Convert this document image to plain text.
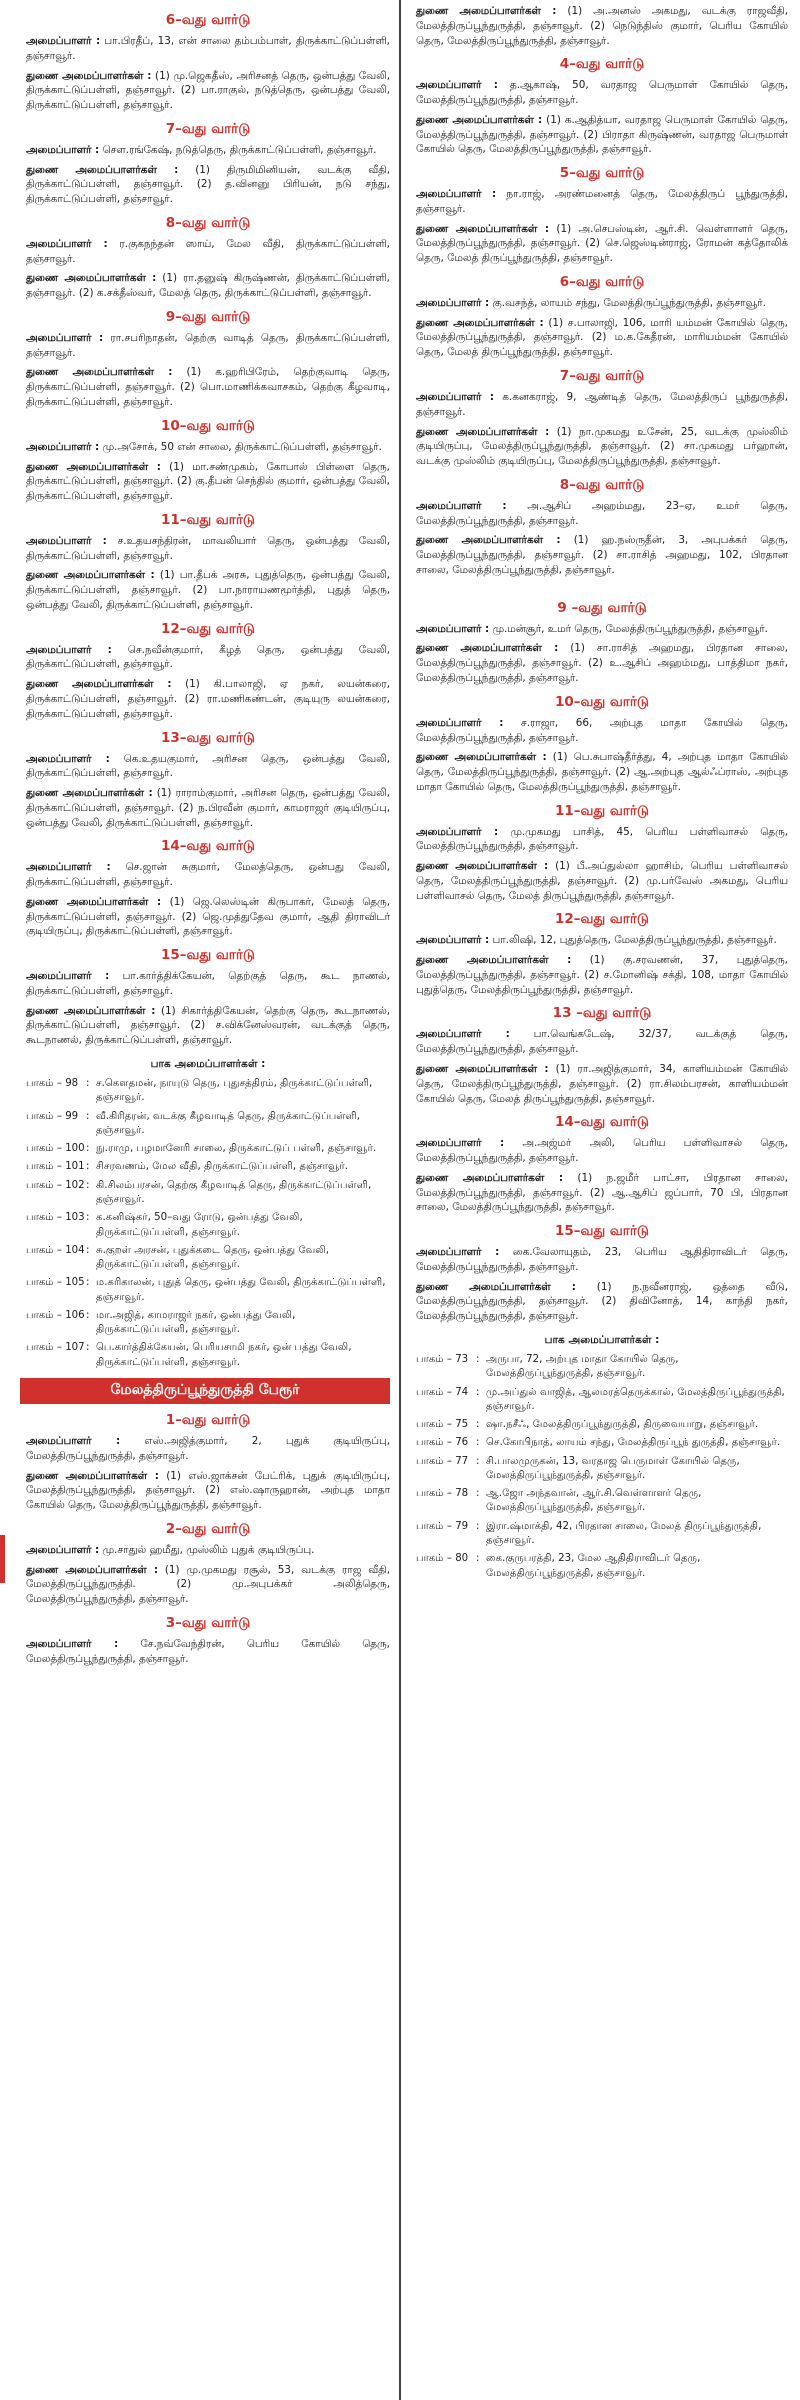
6–வது வார்டு

அமைப்பாளர் : பா.பிரதீப், 13, என் சாலை தம்பம்பாள், திருக்காட்டுப்பள்ளி, தஞ்சாவூர்.

துணை அமைப்பாளர்கள் : (1) மு.ஜெகதீஸ், அரிசனத் தெரு, ஒன்பத்து வேலி, திருக்காட்டுப்பள்ளி, தஞ்சாவூர். (2) பா.ராகுல், நடுத்தெரு, ஒன்பத்து வேலி, திருக்காட்டுப்பள்ளி, தஞ்சாவூர்.

7–வது வார்டு

அமைப்பாளர் : சௌ.ரங்கேஷ், நடுத்தெரு, திருக்காட்டுப்பள்ளி, தஞ்சாவூர்.

துணை அமைப்பாளர்கள் : (1) திருமிமினியன், வடக்கு வீதி, திருக்காட்டுப்பள்ளி, தஞ்சாவூர். (2) த.வினனு பிரியன், நடு சந்து, திருக்காட்டுப்பள்ளி, தஞ்சாவூர்.

8–வது வார்டு

அமைப்பாளர் : ர.குகநந்தன் ஸாய், மேல வீதி, திருக்காட்டுப்பள்ளி, தஞ்சாவூர்.

துணை அமைப்பாளர்கள் : (1) ரா.தனுஷ் கிருஷ்ணன், திருக்காட்டுப்பள்ளி, தஞ்சாவூர். (2) க.சக்தீஸ்வர், மேலத் தெரு, திருக்காட்டுப்பள்ளி, தஞ்சாவூர்.

9–வது வார்டு

அமைப்பாளர் : ரா.சபரிநாதன், தெற்கு வாடித் தெரு, திருக்காட்டுப்பள்ளி, தஞ்சாவூர்.

துணை அமைப்பாளர்கள் : (1) க.ஹரிபிரேம், தெற்குவாடி தெரு, திருக்காட்டுப்பள்ளி, தஞ்சாவூர். (2) பொ.மாணிக்கவாசகம், தெற்கு கீழவாடி, திருக்காட்டுப்பள்ளி, தஞ்சாவூர்.

10–வது வார்டு

அமைப்பாளர் : மு.அசோக், 50 என் சாலை, திருக்காட்டுப்பள்ளி, தஞ்சாவூர்.

துணை அமைப்பாளர்கள் : (1) மா.சண்முகம், கோபால் பிள்ளை தெரு, திருக்காட்டுப்பள்ளி, தஞ்சாவூர். (2) கு.தீபன் செந்தில் குமார், ஒன்பத்து வேலி, திருக்காட்டுப்பள்ளி, தஞ்சாவூர்.

11–வது வார்டு

அமைப்பாளர் : ச.உதயசந்திரன், மாவலியார் தெரு, ஒன்பத்து வேலி, திருக்காட்டுப்பள்ளி, தஞ்சாவூர்.

துணை அமைப்பாளர்கள் : (1) பா.தீபக் அரசு, புதுத்தெரு, ஒன்பத்து வேலி, திருக்காட்டுப்பள்ளி, தஞ்சாவூர். (2) பா.நாராயணமூர்த்தி, புதுத் தெரு, ஒன்பத்து வேலி, திருக்காட்டுப்பள்ளி, தஞ்சாவூர்.

12–வது வார்டு

அமைப்பாளர் : செ.நவீன்குமார், கீழத் தெரு, ஒன்பத்து வேலி, திருக்காட்டுப்பள்ளி, தஞ்சாவூர்.

துணை அமைப்பாளர்கள் : (1) கி.பாலாஜி, ஏ நகர், லயன்கரை, திருக்காட்டுப்பள்ளி, தஞ்சாவூர். (2) ரா.மணிகண்டன், குடியுரு லயன்கரை, திருக்காட்டுப்பள்ளி, தஞ்சாவூர்.

13–வது வார்டு

அமைப்பாளர் : கெ.உதயகுமார், அரிசன தெரு, ஒன்பத்து வேலி, திருக்காட்டுப்பள்ளி, தஞ்சாவூர்.

துணை அமைப்பாளர்கள் : (1) ராராம்குமார், அரிசன தெரு, ஒன்பத்து வேலி, திருக்காட்டுப்பள்ளி, தஞ்சாவூர். (2) ந.பிரவீன் குமார், காமராஜர் குடியிருப்பு, ஒன்பத்து வேலி, திருக்காட்டுப்பள்ளி, தஞ்சாவூர்.

14–வது வார்டு

அமைப்பாளர் : செ.ஜான் சுகுமார், மேலத்தெரு, ஒன்பது வேலி, திருக்காட்டுப்பள்ளி, தஞ்சாவூர்.

துணை அமைப்பாளர்கள் : (1) ஜெ.லெஸ்டின் கிருபாகர், மேலத் தெரு, திருக்காட்டுப்பள்ளி, தஞ்சாவூர். (2) ஜெ.முத்துதேவ குமார், ஆதி திராவிடர் குடியிருப்பு, திருக்காட்டுப்பள்ளி, தஞ்சாவூர்.

15–வது வார்டு

அமைப்பாளர் : பா.கார்த்திக்கேயன், தெற்குத் தெரு, கூட நாணல், திருக்காட்டுப்பள்ளி, தஞ்சாவூர்.

துணை அமைப்பாளர்கள் : (1) சிகார்த்திகேயன், தெற்கு தெரு, கூடநாணல், திருக்காட்டுப்பள்ளி, தஞ்சாவூர். (2) ச.விக்னேஸ்வரன், வடக்குத் தெரு, கூடநாணல், திருக்காட்டுப்பள்ளி, தஞ்சாவூர்.

பாக அமைப்பாளர்கள் :
பாகம் – 98 : ச.கௌதமன், நாயுடு தெரு, புதுசத்திரம், திருக்காட்டுப்பள்ளி, தஞ்சாவூர்.
பாகம் – 99 : வீ.கிரிதரன், வடக்கு கீழவாடித் தெரு, திருக்காட்டுப்பள்ளி, தஞ்சாவூர்.
பாகம் – 100 : நு.ராமு, பழமானேரி சாலை, திருக்காட்டுப் பள்ளி, தஞ்சாவூர்.
பாகம் – 101 : சிசரவணம், மேல வீதி, திருக்காட்டுப்பள்ளி, தஞ்சாவூர்.
பாகம் – 102 : கி.சிலம்பரசன், தெற்கு கீழவாடித் தெரு, திருக்காட்டுப்பள்ளி, தஞ்சாவூர்.
பாகம் – 103 : க.கனிஷ்கர், 50–வது ரோடு, ஒன்பத்து வேலி, திருக்காட்டுப்பள்ளி, தஞ்சாவூர்.
பாகம் – 104 : சு.குறள் அரசன், புதுக்கடை தெரு, ஒன்பத்து வேலி, திருக்காட்டுப்பள்ளி, தஞ்சாவூர்.
பாகம் – 105 : ம.கரிகாலன், புதுத் தெரு, ஒன்பத்து வேலி, திருக்காட்டுப்பள்ளி, தஞ்சாவூர்.
பாகம் – 106 : மா.அஜித், காமராஜர் நகர், ஒன்பத்து வேலி, திருக்காட்டுப்பள்ளி, தஞ்சாவூர்.
பாகம் – 107 : பெ.கார்த்திக்கேயன், பெரியசாமி நகர், ஒன் பத்து வேலி, திருக்காட்டுப்பள்ளி, தஞ்சாவூர்.
மேலத்திருப்பூந்துருத்தி பேரூர்
1–வது வார்டு

அமைப்பாளர் : எஸ்.அஜித்குமார், 2, புதுக் குடியிருப்பு, மேலத்திருப்பூந்துருத்தி, தஞ்சாவூர்.

துணை அமைப்பாளர்கள் : (1) எஸ்.ஜாக்சன் பேட்ரிக், புதுக் குடியிருப்பு, மேலத்திருப்பூந்துருத்தி, தஞ்சாவூர். (2) எஸ்.ஷாருஹான், அற்புத மாதா கோயில் தெரு, மேலத்திருப்பூந்துருத்தி, தஞ்சாவூர்.

2–வது வார்டு

அமைப்பாளர் : மு.சாதுல் ஹமீது, முஸ்லிம் புதுக் குடியிருப்பு.

துணை அமைப்பாளர்கள் : (1) மு.முகமது ரசூல், 53, வடக்கு ராஜ வீதி, மேலத்திருப்பூந்துருத்தி. (2) மு.அபுபக்கர் அலித்தெரு, மேலத்திருப்பூந்துருத்தி, தஞ்சாவூர்.

3–வது வார்டு

அமைப்பாளர் : சே.நவ்வேந்திரன், பெரிய கோயில் தெரு, மேலத்திருப்பூந்துருத்தி, தஞ்சாவூர்.

துணை அமைப்பாளர்கள் : (1) அ.அனஸ் அகமது, வடக்கு ராஜவீதி, மேலத்திருப்பூந்துருத்தி, தஞ்சாவூர். (2) நெடுந்திஸ் குமார், பெரிய கோயில் தெரு, மேலத்திருப்பூந்துருத்தி, தஞ்சாவூர்.

4–வது வார்டு

அமைப்பாளர் : த.ஆகாஷ், 50, வரதாஜ பெருமாள் கோயில் தெரு, மேலத்திருப்பூந்துருத்தி, தஞ்சாவூர்.

துணை அமைப்பாளர்கள் : (1) க.ஆதித்யா, வரதாஜ பெருமாள் கோயில் தெரு, மேலத்திருப்பூந்துருத்தி, தஞ்சாவூர். (2) பிராதா கிருஷ்ணன், வரதாஜ பெருமாள் கோயில் தெரு, மேலத்திருப்பூந்துருத்தி, தஞ்சாவூர்.

5–வது வார்டு

அமைப்பாளர் : நா.ராஜ், அரண்மனைத் தெரு, மேலத்திருப் பூந்துருத்தி, தஞ்சாவூர்.

துணை அமைப்பாளர்கள் : (1) அ.செபஸ்டின், ஆர்.சி. வெள்ளாளர் தெரு, மேலத்திருப்பூந்துருத்தி, தஞ்சாவூர். (2) செ.ஜெஸ்டின்ராஜ், ரோமன் கத்தோலிக் தெரு, மேலத் திருப்பூந்துருத்தி, தஞ்சாவூர்.

6–வது வார்டு

அமைப்பாளர் : கு.வசந்த், லாயம் சந்து, மேலத்திருப்பூந்துருத்தி, தஞ்சாவூர்.

துணை அமைப்பாளர்கள் : (1) ச.பாலாஜி, 106, மாரி யம்மன் கோயில் தெரு, மேலத்திருப்பூந்துருத்தி, தஞ்சாவூர். (2) ம.க.கேதீரன், மாரியம்மன் கோயில் தெரு, மேலத் திருப்பூந்துருத்தி, தஞ்சாவூர்.

7–வது வார்டு

அமைப்பாளர் : க.கனகராஜ், 9, ஆண்டித் தெரு, மேலத்திருப் பூந்துருத்தி, தஞ்சாவூர்.

துணை அமைப்பாளர்கள் : (1) நா.முகமது உசேன், 25, வடக்கு முஸ்லிம் குடியிருப்பு, மேலத்திருப்பூந்துருத்தி, தஞ்சாவூர். (2) சா.முகமது பர்ஹான், வடக்கு முஸ்லிம் குடியிருப்பு, மேலத்திருப்பூந்துருத்தி, தஞ்சாவூர்.

8–வது வார்டு

அமைப்பாளர் : அ.ஆசிப் அஹம்மது, 23–ஏ, உமர் தெரு, மேலத்திருப்பூந்துருத்தி, தஞ்சாவூர்.

துணை அமைப்பாளர்கள் : (1) ஹ.நஸ்ருதீன், 3, அபுபக்கர் தெரு, மேலத்திருப்பூந்துருத்தி, தஞ்சாவூர். (2) சா.ராசித் அஹமது, 102, பிரதான சாலை, மேலத்திருப்பூந்துருத்தி, தஞ்சாவூர்.

9 –வது வார்டு

அமைப்பாளர் : மு.மன்சூர், உமர் தெரு, மேலத்திருப்பூந்துருத்தி, தஞ்சாவூர்.

துணை அமைப்பாளர்கள் : (1) சா.ராசித் அஹமது, பிரதான சாலை, மேலத்திருப்பூந்துருத்தி, தஞ்சாவூர். (2) உ.ஆசிப் அஹம்மது, பாத்திமா நகர், மேலத்திருப்பூந்துருத்தி, தஞ்சாவூர்.

10–வது வார்டு

அமைப்பாளர் : ச.ராஜா, 66, அற்புத மாதா கோயில் தெரு, மேலத்திருப்பூந்துருத்தி, தஞ்சாவூர்.

துணை அமைப்பாளர்கள் : (1) பெ.சுபாஷ்தீர்த்து, 4, அற்புத மாதா கோயில் தெரு, மேலத்திருப்பூந்துருத்தி, தஞ்சாவூர். (2) ஆ.அற்புத ஆல்ஃப்ராஸ், அற்புத மாதா கோயில் தெரு, மேலத்திருப்பூந்துருத்தி, தஞ்சாவூர்.

11–வது வார்டு

அமைப்பாளர் : மு.முகமது பாசித், 45, பெரிய பள்ளிவாசல் தெரு, மேலத்திருப்பூந்துருத்தி, தஞ்சாவூர்.

துணை அமைப்பாளர்கள் : (1) பீ.அப்துல்லா ஹாசிம், பெரிய பள்ளிவாசல் தெரு, மேலத்திருப்பூந்துருத்தி, தஞ்சாவூர். (2) மு.பர்வேஸ் அகமது, பெரிய பள்ளிவாசல் தெரு, மேலத் திருப்பூந்துருத்தி, தஞ்சாவூர்.

12–வது வார்டு

அமைப்பாளர் : பா.லிஷி, 12, புதுத்தெரு, மேலத்திருப்பூந்துருத்தி, தஞ்சாவூர்.

துணை அமைப்பாளர்கள் : (1) கு.சரவணன், 37, புதுத்தெரு, மேலத்திருப்பூந்துருத்தி, தஞ்சாவூர். (2) ச.மோனிஷ் சக்தி, 108, மாதா கோயில் புதுத்தெரு, மேலத்திருப்பூந்துருத்தி, தஞ்சாவூர்.

13 –வது வார்டு

அமைப்பாளர் : பா.வெங்கடேஷ், 32/37, வடக்குத் தெரு, மேலத்திருப்பூந்துருத்தி, தஞ்சாவூர்.

துணை அமைப்பாளர்கள் : (1) ரா.அஜித்குமார், 34, காளியம்மன் கோயில் தெரு, மேலத்திருப்பூந்துருத்தி, தஞ்சாவூர். (2) ரா.சிலம்பரசன், காளியம்மன் கோயில் தெரு, மேலத் திருப்பூந்துருத்தி, தஞ்சாவூர்.

14–வது வார்டு

அமைப்பாளர் : அ.அஜ்மர் அலி, பெரிய பள்ளிவாசல் தெரு, மேலத்திருப்பூந்துருத்தி, தஞ்சாவூர்.

துணை அமைப்பாளர்கள் : (1) ந.ஜமீர் பாட்சா, பிரதான சாலை, மேலத்திருப்பூந்துருத்தி, தஞ்சாவூர். (2) ஆ.ஆசிப் ஜப்பார், 70 பி, பிரதான சாலை, மேலத்திருப்பூந்துருத்தி, தஞ்சாவூர்.

15–வது வார்டு

அமைப்பாளர் : கை.வேலாயுதம், 23, பெரிய ஆதிதிராவிடர் தெரு, மேலத்திருப்பூந்துருத்தி, தஞ்சாவூர்.

துணை அமைப்பாளர்கள் : (1) ந.நவீனராஜ், ஒத்தை வீடு, மேலத்திருப்பூந்துருத்தி, தஞ்சாவூர். (2) திவினோத், 14, காந்தி நகர், மேலத்திருப்பூந்துருத்தி, தஞ்சாவூர்.

பாக அமைப்பாளர்கள் :
பாகம் – 73 : அருபா, 72, அற்புத மாதா கோயில் தெரு, மேலத்திருப்பூந்துருத்தி, தஞ்சாவூர்.
பாகம் – 74 : மு.அப்துல் வாஜித், ஆலமரத்தெருக்கால், மேலத்திருப்பூந்துருத்தி, தஞ்சாவூர்.
பாகம் – 75 : ஷா.நசீஃ, மேலத்திருப்பூந்துருத்தி, திருவையாறு, தஞ்சாவூர்.
பாகம் – 76 : செ.கோபிநாத், லாயம் சந்து, மேலத்திருப்பூந் துருத்தி, தஞ்சாவூர்.
பாகம் – 77 : சி.பாலமுருகன், 13, வரதாஜ பெருமாள் கோயில் தெரு, மேலத்திருப்பூந்துருத்தி, தஞ்சாவூர்.
பாகம் – 78 : ஆ.ஜோ அந்தவான், ஆர்.சி.வெள்ளாளர் தெரு, மேலத்திருப்பூந்துருத்தி, தஞ்சாவூர்.
பாகம் – 79 : இரா.ஷ்மாக்தி, 42, பிரதான சாலை, மேலத் திருப்பூந்துருத்தி, தஞ்சாவூர்.
பாகம் – 80 : கை.குருபரத்தி, 23, மேல ஆதிதிராவிடர் தெரு, மேலத்திருப்பூந்துருத்தி, தஞ்சாவூர்.
